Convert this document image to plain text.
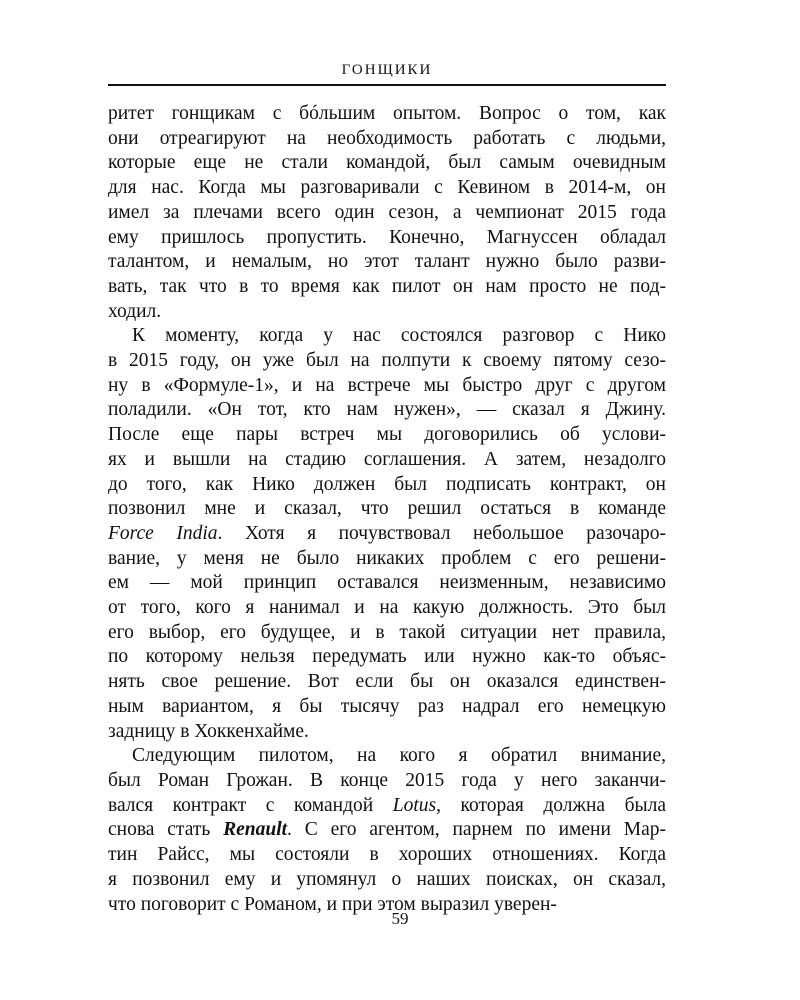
ГОНЩИКИ
ритет гонщикам с бóльшим опытом. Вопрос о том, как
они отреагируют на необходимость работать с людьми,
которые еще не стали командой, был самым очевидным
для нас. Когда мы разговаривали с Кевином в 2014-м, он
имел за плечами всего один сезон, а чемпионат 2015 года
ему пришлось пропустить. Конечно, Магнуссен обладал
талантом, и немалым, но этот талант нужно было разви-
вать, так что в то время как пилот он нам просто не под-
ходил.
К моменту, когда у нас состоялся разговор с Нико
в 2015 году, он уже был на полпути к своему пятому сезо-
ну в «Формуле-1», и на встрече мы быстро друг с другом
поладили. «Он тот, кто нам нужен», — сказал я Джину.
После еще пары встреч мы договорились об услови-
ях и вышли на стадию соглашения. А затем, незадолго
до того, как Нико должен был подписать контракт, он
позвонил мне и сказал, что решил остаться в команде
Force India. Хотя я почувствовал небольшое разочаро-
вание, у меня не было никаких проблем с его решени-
ем — мой принцип оставался неизменным, независимо
от того, кого я нанимал и на какую должность. Это был
его выбор, его будущее, и в такой ситуации нет правила,
по которому нельзя передумать или нужно как-то объяс-
нять свое решение. Вот если бы он оказался единствен-
ным вариантом, я бы тысячу раз надрал его немецкую
задницу в Хоккенхайме.
Следующим пилотом, на кого я обратил внимание,
был Роман Грожан. В конце 2015 года у него заканчи-
вался контракт с командой Lotus, которая должна была
снова стать Renault. С его агентом, парнем по имени Мар-
тин Райсс, мы состояли в хороших отношениях. Когда
я позвонил ему и упомянул о наших поисках, он сказал,
что поговорит с Романом, и при этом выразил уверен-
59
